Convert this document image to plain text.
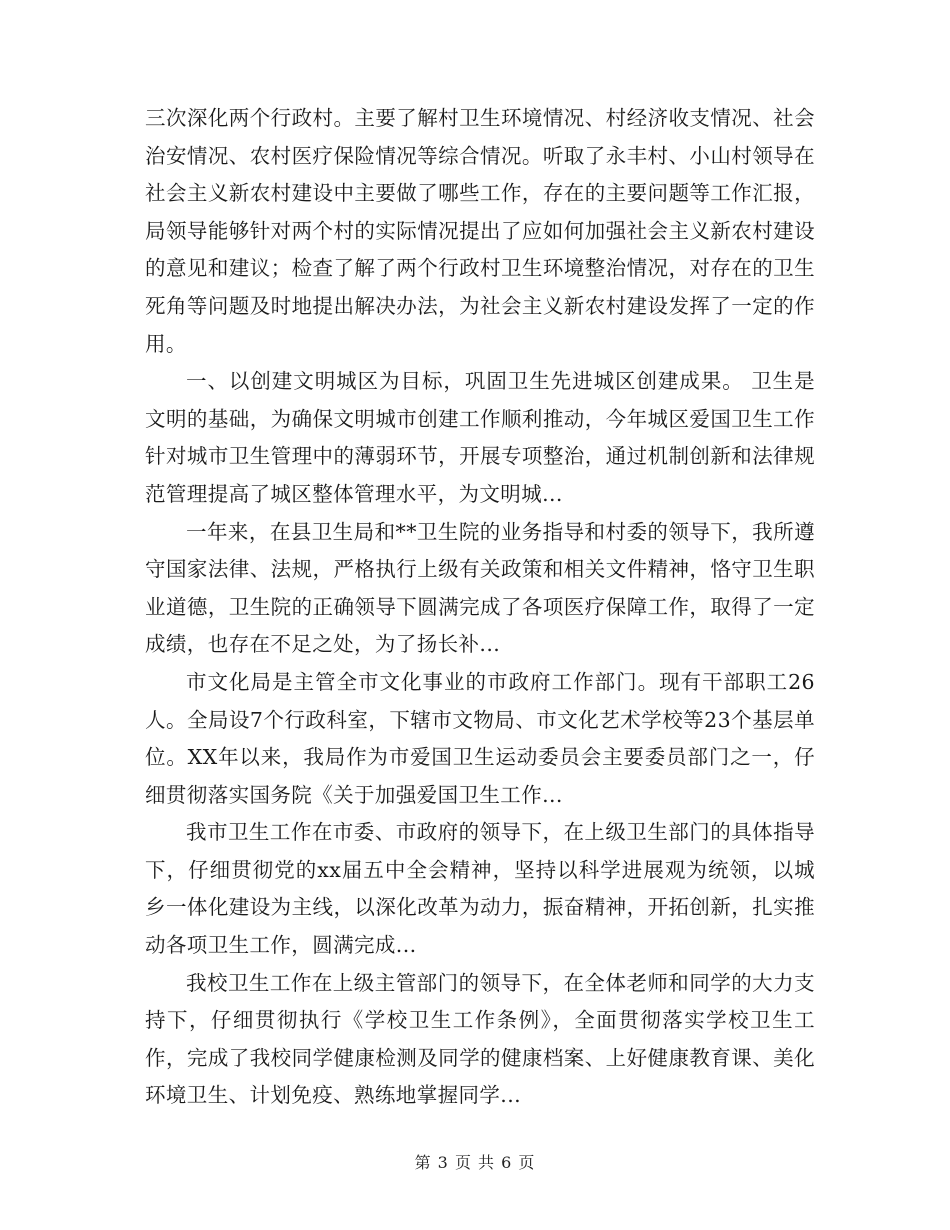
三次深化两个行政村。主要了解村卫生环境情况、村经济收支情况、社会治安情况、农村医疗保险情况等综合情况。听取了永丰村、小山村领导在社会主义新农村建设中主要做了哪些工作，存在的主要问题等工作汇报，局领导能够针对两个村的实际情况提出了应如何加强社会主义新农村建设的意见和建议；检查了解了两个行政村卫生环境整治情况，对存在的卫生死角等问题及时地提出解决办法，为社会主义新农村建设发挥了一定的作用。

一、以创建文明城区为目标，巩固卫生先进城区创建成果。 卫生是文明的基础，为确保文明城市创建工作顺利推动，今年城区爱国卫生工作针对城市卫生管理中的薄弱环节，开展专项整治，通过机制创新和法律规范管理提高了城区整体管理水平，为文明城...

一年来，在县卫生局和**卫生院的业务指导和村委的领导下，我所遵守国家法律、法规，严格执行上级有关政策和相关文件精神，恪守卫生职业道德，卫生院的正确领导下圆满完成了各项医疗保障工作，取得了一定成绩，也存在不足之处，为了扬长补...

市文化局是主管全市文化事业的市政府工作部门。现有干部职工26人。全局设7个行政科室，下辖市文物局、市文化艺术学校等23个基层单位。XX年以来，我局作为市爱国卫生运动委员会主要委员部门之一，仔细贯彻落实国务院《关于加强爱国卫生工作...

我市卫生工作在市委、市政府的领导下，在上级卫生部门的具体指导下，仔细贯彻党的xx届五中全会精神，坚持以科学进展观为统领，以城乡一体化建设为主线，以深化改革为动力，振奋精神，开拓创新，扎实推动各项卫生工作，圆满完成...

我校卫生工作在上级主管部门的领导下，在全体老师和同学的大力支持下，仔细贯彻执行《学校卫生工作条例》，全面贯彻落实学校卫生工作，完成了我校同学健康检测及同学的健康档案、上好健康教育课、美化环境卫生、计划免疫、熟练地掌握同学...

第 3 页 共 6 页
